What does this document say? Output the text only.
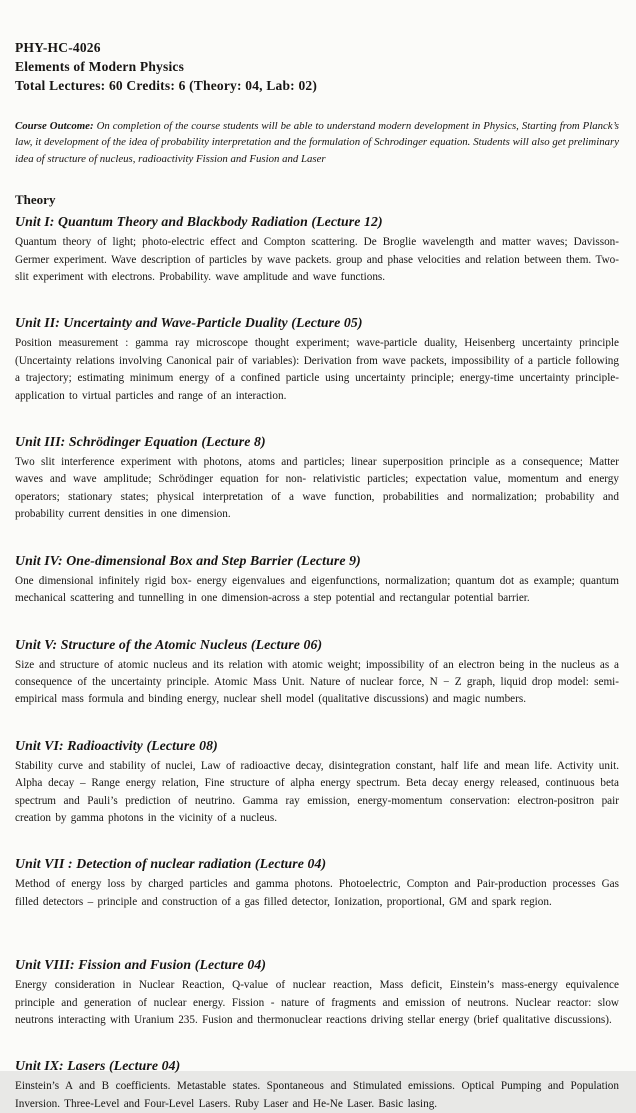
PHY-HC-4026
Elements of Modern Physics
Total Lectures: 60 Credits: 6 (Theory: 04, Lab: 02)

Course Outcome: On completion of the course students will be able to understand modern development in Physics, Starting from Planck’s law, it development of the idea of probability interpretation and the formulation of Schrodinger equation. Students will also get preliminary idea of structure of nucleus, radioactivity Fission and Fusion and Laser

Theory
Unit I: Quantum Theory and Blackbody Radiation (Lecture 12)
Quantum theory of light; photo-electric effect and Compton scattering. De Broglie wavelength and matter waves; Davisson-Germer experiment. Wave description of particles by wave packets. group and phase velocities and relation between them. Two-slit experiment with electrons. Probability. wave amplitude and wave functions.
Unit II: Uncertainty and Wave-Particle Duality (Lecture 05)
Position measurement : gamma ray microscope thought experiment; wave-particle duality, Heisenberg uncertainty principle (Uncertainty relations involving Canonical pair of variables): Derivation from wave packets, impossibility of a particle following a trajectory; estimating minimum energy of a confined particle using uncertainty principle; energy-time uncertainty principle- application to virtual particles and range of an interaction.
Unit III: Schrödinger Equation (Lecture 8)
Two slit interference experiment with photons, atoms and particles; linear superposition principle as a consequence; Matter waves and wave amplitude; Schrödinger equation for non- relativistic particles; expectation value, momentum and energy operators; stationary states; physical interpretation of a wave function, probabilities and normalization; probability and probability current densities in one dimension.
Unit IV: One-dimensional Box and Step Barrier (Lecture 9)
One dimensional infinitely rigid box- energy eigenvalues and eigenfunctions, normalization; quantum dot as example; quantum mechanical scattering and tunnelling in one dimension-across a step potential and rectangular potential barrier.
Unit V: Structure of the Atomic Nucleus (Lecture 06)
Size and structure of atomic nucleus and its relation with atomic weight; impossibility of an electron being in the nucleus as a consequence of the uncertainty principle. Atomic Mass Unit. Nature of nuclear force, N − Z graph, liquid drop model: semi-empirical mass formula and binding energy, nuclear shell model (qualitative discussions) and magic numbers.
Unit VI: Radioactivity (Lecture 08)
Stability curve and stability of nuclei, Law of radioactive decay, disintegration constant, half life and mean life. Activity unit. Alpha decay – Range energy relation, Fine structure of alpha energy spectrum. Beta decay energy released, continuous beta spectrum and Pauli’s prediction of neutrino. Gamma ray emission, energy-momentum conservation: electron-positron pair creation by gamma photons in the vicinity of a nucleus.
Unit VII : Detection of nuclear radiation (Lecture 04)
Method of energy loss by charged particles and gamma photons. Photoelectric, Compton and Pair-production processes Gas filled detectors – principle and construction of a gas filled detector, Ionization, proportional, GM and spark region.
Unit VIII: Fission and Fusion (Lecture 04)
Energy consideration in Nuclear Reaction, Q-value of nuclear reaction, Mass deficit, Einstein’s mass-energy equivalence principle and generation of nuclear energy. Fission - nature of fragments and emission of neutrons. Nuclear reactor: slow neutrons interacting with Uranium 235. Fusion and thermonuclear reactions driving stellar energy (brief qualitative discussions).
Unit IX: Lasers (Lecture 04)
Einstein’s A and B coefficients. Metastable states. Spontaneous and Stimulated emissions. Optical Pumping and Population Inversion. Three-Level and Four-Level Lasers. Ruby Laser and He-Ne Laser. Basic lasing.
